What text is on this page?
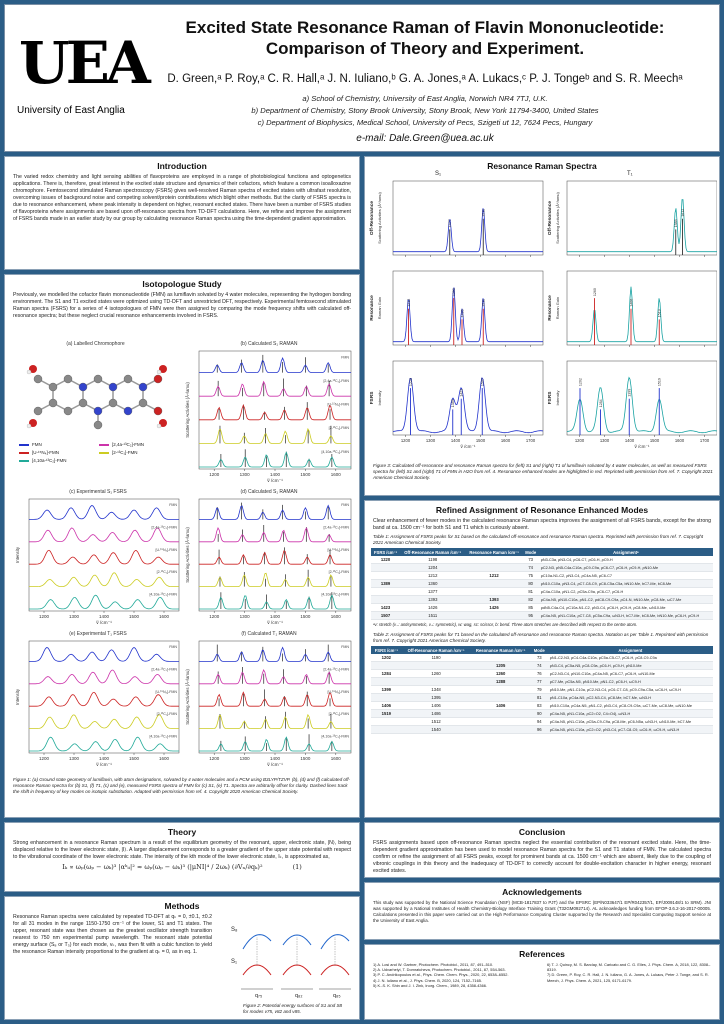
UEA
University of East Anglia
Excited State Resonance Raman of Flavin Mononucleotide:
Comparison of Theory and Experiment.
D. Green,ᵃ P. Roy,ᵃ C. R. Hall,ᵃ J. N. Iuliano,ᵇ G. A. Jones,ᵃ A. Lukacs,ᶜ P. J. Tongeᵇ and S. R. Meechᵃ
a) School of Chemistry, University of East Anglia, Norwich NR4 7TJ, U.K.
b) Department of Chemistry, Stony Brook University, Stony Brook, New York 11794-3400, United States
c) Department of Biophysics, Medical School, University of Pecs, Szigeti ut 12, 7624 Pecs, Hungary
e-mail: Dale.Green@uea.ac.uk
Introduction
The varied redox chemistry and light sensing abilities of flavoproteins are employed in a range of photobiological functions and optogenetics applications. There is, therefore, great interest in the excited state structure and dynamics of their cofactors, which feature a common isoalloxazine chromophore. Femtosecond stimulated Raman spectroscopy (FSRS) gives well-resolved Raman spectra of excited states with ultrafast resolution, overcoming issues of background noise and competing solvent/protein contributions which blight other methods. But the clarity of FSRS spectra is due to resonance enhancement, where peak intensity is dependent on higher, resonant excited states. There have been a number of FSRS studies of flavoproteins where assignments are based upon off-resonance spectra from TD-DFT calculations. Here, we refine and improve the assignment of FSRS bands made in an earlier study by our group by calculating resonance Raman spectra using the time-dependent gradient approximation.
Isotopologue Study
Previously, we modelled the cofactor flavin mononucleotide (FMN) as lumiflavin solvated by 4 water molecules, representing the hydrogen bonding environment. The S1 and T1 excited states were optimized using TD-DFT and unrestricted DFT, respectively. Experimental femtosecond stimulated Raman spectra (FSRS) for a series of 4 isotopologues of FMN were then assigned by comparing the mode frequency shifts with calculated off-resonance spectra; but these neglect crucial resonance enhancements involved in FSRS.
(a) Labelled Chromophore
FMN	[2,4a-¹³C₂]-FMN
[U-¹⁵N₄]-FMN	[2-¹³C₁]-FMN
[4,10a-¹³C₂]-FMN
(b) Calculated S₁ RAMAN
1200	1300	1400	1500	1600
ṽ /cm⁻¹
Scattering Activities (Å⁴/amu)
FMN
[2,4a-¹³C₂]-FMN
[U-¹⁵N₄]-FMN
[2-¹³C₁]-FMN
[4,10a-¹³C₂]-FMN
(c) Experimental S₁ FSRS
1200	1300	1400	1500	1600
ṽ /cm⁻¹
Intensity
FMN
[2,4a-¹³C₂]-FMN
[U-¹⁵N₄]-FMN
[2-¹³C₁]-FMN
[4,10a-¹³C₂]-FMN
(d) Calculated S₁ RAMAN
1200	1300	1400	1500	1600
ṽ /cm⁻¹
Scattering Activities (Å⁴/amu)
FMN
[2,4a-¹³C₂]-FMN
[U-¹⁵N₄]-FMN
[2-¹³C₁]-FMN
[4,10a-¹³C₂]-FMN
(e) Experimental T₁ FSRS
1200	1300	1400	1500	1600
ṽ /cm⁻¹
Intensity
FMN
[2,4a-¹³C₂]-FMN
[U-¹⁵N₄]-FMN
[2-¹³C₁]-FMN
[4,10a-¹³C₂]-FMN
(f) Calculated T₁ RAMAN
1200	1300	1400	1500	1600
ṽ /cm⁻¹
Scattering Activities (Å⁴/amu)
FMN
[2,4a-¹³C₂]-FMN
[U-¹⁵N₄]-FMN
[2-¹³C₁]-FMN
[4,10a-¹³C₂]-FMN
Figure 1: (a) Ground state geometry of lumiflavin, with atom designations, solvated by 4 water molecules and a PCM using B3LYP/TZVP. (b), (d) and (f) calculated off-resonance Raman spectra for (b) S1, (f) T1, (c) and (e), measured FSRS spectra of FMN for (c) S1, (e) T1. Spectra are arbitrarily offset for clarity. Dashed lines track the shift in frequency of key modes on isotopic substitution. Adapted with permission from ref. 4. Copyright 2020 American Chemical Society.
Theory
Strong enhancement in a resonance Raman spectrum is a result of the equilibrium geometry of the resonant, upper, electronic state, |N⟩, being displaced relative to the lower electronic state, |I⟩. A larger displacement corresponds to a greater gradient of the upper state potential with respect to the vibrational coordinate of the lower electronic state. The intensity of the kth mode of the lower electronic state, Iₖ, is approximated as,
Iₖ ∝ ωₚ(ωₚ − ωₖ)³ |αᵏᵢᵢ|² ≈ ωₚ(ωₚ − ωₖ)³ (|μNI|⁴ / 2ωₖ) (∂Vₙ/∂qₖ)²	(1)
Methods
Resonance Raman spectra were calculated by repeated TD-DFT at qₖ = 0, ±0.1, ±0.2 for all 31 modes in the range 1150-1750 cm⁻¹ of the lower, S1 and T1 states. The upper, resonant state was then chosen as the greatest oscillator strength transition nearest to 750 nm experimental pump wavelength. The resonant state potential energy surface (S₈ or T₃) for each mode, vₖ, was then fit with a cubic function to yield the resonance Raman intensity proportional to the gradient at qₖ = 0, as in eq. 1.
S₈
S₁
q₇₅	q₈₂	q₈₅
Figure 2: Potential energy surfaces of S1 and S8 for modes v75, v82 and v85.
Resonance Raman Spectra
S₁	T₁
Off-Resonance Scattering Activities (Å⁴/amu)	1377
1511
Resonance Raman Gain	1212
1393
1426
1511
FSRS Intensity
1200	1300	1400	1500	1600	1700
ṽ /cm⁻¹
1220
1389
1423
1507
Off-Resonance Scattering Activities (Å⁴/amu)	1585
1612
Resonance Raman Gain	1406
1260
1519
FSRS Intensity
1200	1300	1400	1500	1600	1700
ṽ /cm⁻¹
1202
1284
1399
1519
Figure 3: Calculated off-resonance and resonance Raman spectra for (left) S1 and (right) T1 of lumiflavin solvated by 4 water molecules, as well as measured FSRS spectra for (left) S1 and (right) T1 of FMN in H2O from ref. 4. Resonance enhanced modes are highlighted in red. Reprinted with permission from ref. 7. Copyright 2021 American Chemical Society.
Refined Assignment of Resonance Enhanced Modes
Clear enhancement of fewer modes in the calculated resonance Raman spectra improves the assignment of all FSRS bands, except for the strong band at ca. 1500 cm⁻¹ for both S1 and T1 which is curiously absent.
Table 1: Assignment of FSRS peaks for S1 based on the calculated off-resonance and resonance Raman spectra. Reprinted with permission from ref. 7. Copyright 2021 American Chemical Society.
FSRS /cm⁻¹	Off-Resonance Raman /cm⁻¹	Resonance Raman /cm⁻¹	Mode	Assignmentᵃ
1220	1198		73	ρN3-C3a, ρN3-C4, ρC6-C7, ρC6-H, ρC9-H
	1204		74	ρC2-N3, ρN5-C4a-C10a, ρC9-C9a, ρC6-C7, ρC6-H, ρC9-H, ρN10-Me
	1212	1212	75	ρC10a-N1-C2, ρN3-C4, ρC4a-N5, ρC6-C7
1389	1360		80	ρN10-C10a, ρN3-C4, ρC7-C8-C9, ρC8-C5a-C5a, bN10-Me, bC7-Me, bC8-Me
	1377		81	ρC4a-C10a, ρN1-C2, ρC5a-C9a, ρC6-C7, ρC6-H
	1393	1393	82	ρC4a-N5, ρN10-C10a, ρN1-C2, ρdC8-C9-C9a, ρC4-N, bN10-Me, ρC8-Me, ωC7-Me
1423	1426	1426	85	ρdN5-C4a-C4, ρC10a-N1-C2, ρN3-C4, ρC6-H, ρC9-H, ρC8-Me, ωN10-Me
1507	1511		95	ρC4a-N5, ρN1-C10a, ρC7-C8, ρC5a-C9a, ωN3-H, bC7-Me, bC8-Me, bN10-Me, ρC6-H, ρC9-H
ᵃν: stretch (ν₋: antisymmetric, ν₊: symmetric), w: wag, sc: scissor, b: bend. Three atom stretches are described with respect to the centre atom.
Table 2: Assignment of FSRS peaks for T1 based on the calculated off-resonance and resonance Raman spectra. Notation as per Table 1. Reprinted with permission from ref. 7. Copyright 2021 American Chemical Society.
FSRS /cm⁻¹	Off-Resonance Raman /cm⁻¹	Resonance Raman /cm⁻¹	Mode	Assignment
1202	1190		73	ρN1-C2-N3, ρC4-C4a-C10a, ρC5a-C5-C7, ρC6-H, ρC8-C9-C9a
		1205	74	ρN3-C4, ρC5a-N5, ρC8-C9a, ρC6-H, ρC9-H, ρN10-Me
1284	1260	1260	76	ρC2-N3-C4, ρN10-C10a, ρC4a-N5, ρC6-C7, ρC6-H, ωN10-Me
		1288	77	ρC7-Me, ρC5a-N5, ρN10-Me, ρN1-C2, ρC6-H, ωC9-H
1399	1348		79	ρN10-Me, ρN1-C10a, ρC2-N3-C4, ρC6-C7-C8, ρC9-C9a-C5a, ωC6-H, ωC9-H
	1395		81	ρN1-C10a, ρC4a-N5, ρC2-N3-C4, ρC8-Me, bC7-Me, ωN3-H
1406	1406	1406	83	ρN10-C10a, ρC4a-N5, ρN1-C2, ρN3-C4, ρC8-C9-C9a, ωC7-Me, ωC8-Me, ωN10-Me
1519	1486		90	ρC4a-N5, ρN1-C10a, ρC2=O2, C4=O4), ωN3-H
	1512		94	ρC4a-N5, ρN1-C10a, ρC5a-C9-C9a, ρC8-Me, ρC6-N5a, ωN3-H, ωN10-Me, bC7-Me
	1540		96	ρC4a-N5, ρN1-C10a, ρC2=O2, ρN3-C4, ρC7-C8-C9, ωC6-H, ωC9-H, ωN3-H
Conclusion
FSRS assignments based upon off-resonance Raman spectra neglect the essential contribution of the resonant excited state. Here, the time-dependent gradient approximation has been used to model resonance Raman spectra for the S1 and T1 states of FMN. The calculated spectra confirm or refine the assignment of all FSRS peaks, except for prominent bands at ca. 1500 cm⁻¹ which are absent, likely due to the coupling of vibronic couplings in this theory and the inadequacy of TD-DFT to correctly account for double-excitation character in higher energy, resonant excited states.
Acknowledgements
This study was supported by the National Science Foundation (NSF) (MCB-1817837 to PJT) and the EPSRC (EP/N033647/1 EP/R042357/1, EP/J009148/1 to SRM). JNI was supported by a National Institutes of Health Chemistry-Biology Interface Training Grant (T32GM092714). AL acknowledges funding from EFOP-3.6.2-16-2017-00005. Calculations presented in this paper were carried out on the High Performance Computing Cluster supported by the Research and Specialist Computing Support service at the University of East Anglia.
References
1) A. Losi and W. Gartner, Photochem. Photobiol., 2011, 87, 491–510.
2) A. Udvarhelyi, T. Domratcheva, Photochem. Photobiol., 2011, 87, 554-563.
3) P. C. Andrikopoulos et al., Phys. Chem. Chem. Phys., 2020, 22, 6538–6552.
4) J. N. Iuliano et al., J. Phys. Chem. B, 2020, 124, 7152–7165.
5) K.-S. K. Shin and J. I. Zink, Inorg. Chem., 1989, 28, 4358-4366.
6) T. J. Quincy, M. S. Barclay, M. Caricato and C. G. Elles, J. Phys. Chem. A, 2018, 122, 8308–8319.
7) D. Green, P. Roy, C. R. Hall, J. N. Iuliano, G. A. Jones, A. Lukacs, Peter J. Tonge, and S. R. Meech, J. Phys. Chem. A, 2021, 125, 6171-6179.
